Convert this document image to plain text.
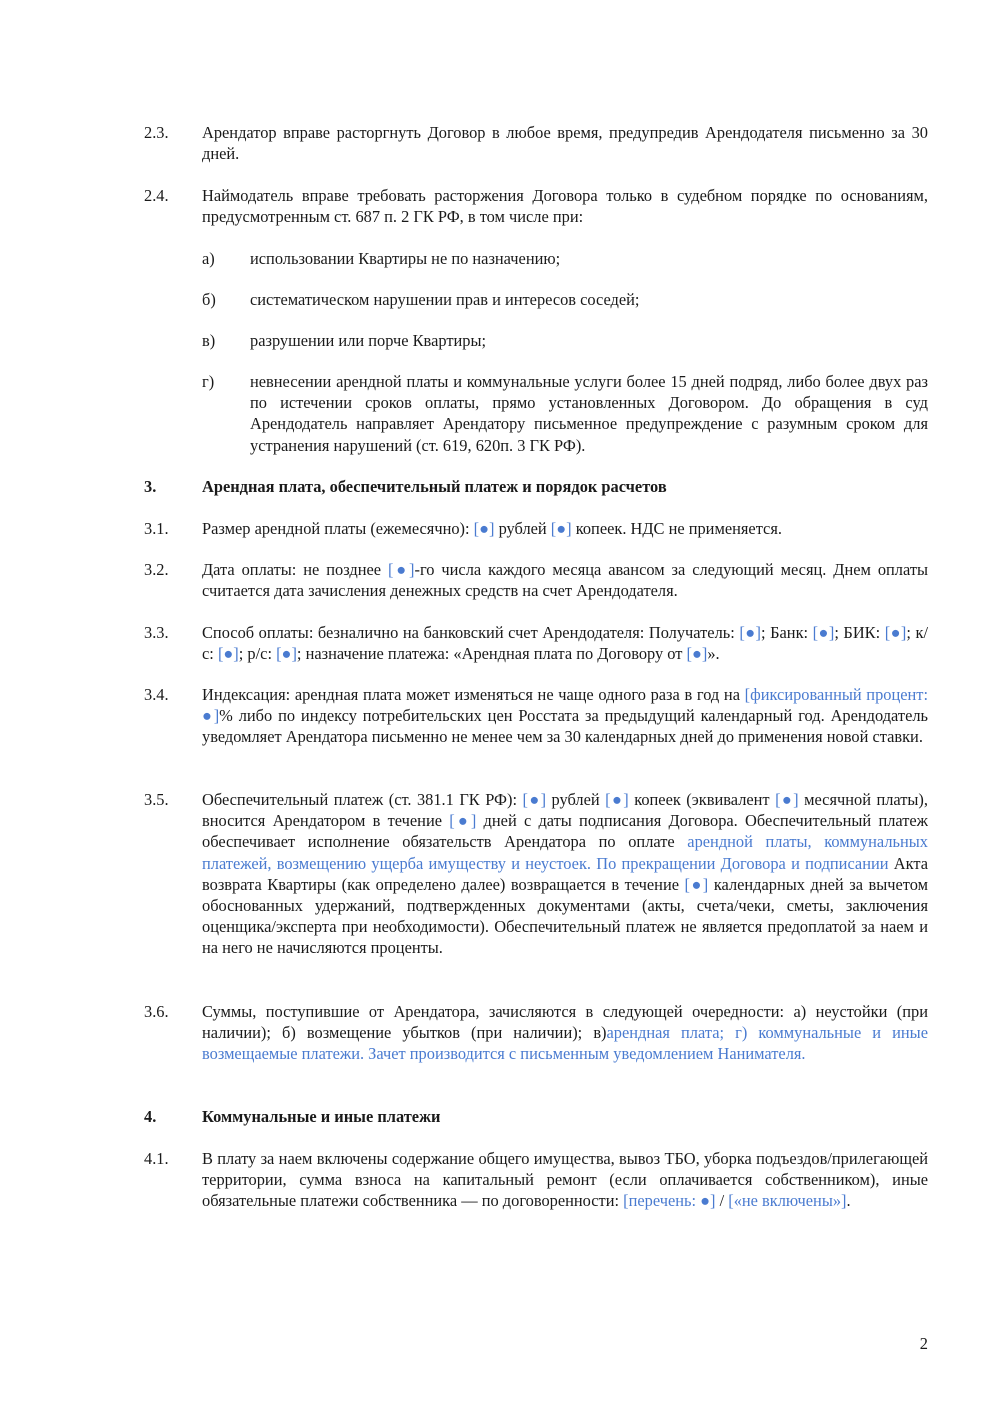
2.3. Арендатор вправе расторгнуть Договор в любое время, предупредив Арендодателя письменно за 30 дней.
2.4. Наймодатель вправе требовать расторжения Договора только в судебном порядке по основаниям, предусмотренным ст. 687 п. 2 ГК РФ, в том числе при:
а) использовании Квартиры не по назначению;
б) систематическом нарушении прав и интересов соседей;
в) разрушении или порче Квартиры;
г) невнесении арендной платы и коммунальные услуги более 15 дней подряд, либо более двух раз по истечении сроков оплаты, прямо установленных Договором. До обращения в суд Арендодатель направляет Арендатору письменное предупреждение с разумным сроком для устранения нарушений (ст. 619, 620п. 3 ГК РФ).
3.	Арендная плата, обеспечительный платеж и порядок расчетов
3.1. Размер арендной платы (ежемесячно): [●] рублей [●] копеек. НДС не применяется.
3.2. Дата оплаты: не позднее [●]-го числа каждого месяца авансом за следующий месяц. Днем оплаты считается дата зачисления денежных средств на счет Арендодателя.
3.3. Способ оплаты: безналично на банковский счет Арендодателя: Получатель: [●]; Банк: [●]; БИК: [●]; к/с: [●]; р/с: [●]; назначение платежа: «Арендная плата по Договору от [●]».
3.4. Индексация: арендная плата может изменяться не чаще одного раза в год на [фиксированный процент: ●]% либо по индексу потребительских цен Росстата за предыдущий календарный год. Арендодатель уведомляет Арендатора письменно не менее чем за 30 календарных дней до применения новой ставки.
3.5. Обеспечительный платеж (ст. 381.1 ГК РФ): [●] рублей [●] копеек (эквивалент [●] месячной платы), вносится Арендатором в течение [●] дней с даты подписания Договора. Обеспечительный платеж обеспечивает исполнение обязательств Арендатора по оплате арендной платы, коммунальных платежей, возмещению ущерба имуществу и неустоек. По прекращении Договора и подписании Акта возврата Квартиры (как определено далее) возвращается в течение [●] календарных дней за вычетом обоснованных удержаний, подтвержденных документами (акты, счета/чеки, сметы, заключения оценщика/эксперта при необходимости). Обеспечительный платеж не является предоплатой за наем и на него не начисляются проценты.
3.6. Суммы, поступившие от Арендатора, зачисляются в следующей очередности: а) неустойки (при наличии); б) возмещение убытков (при наличии); в)арендная плата; г) коммунальные и иные возмещаемые платежи. Зачет производится с письменным уведомлением Нанимателя.
4.	Коммунальные и иные платежи
4.1. В плату за наем включены содержание общего имущества, вывоз ТБО, уборка подъездов/прилегающей территории, сумма взноса на капитальный ремонт (если оплачивается собственником), иные обязательные платежи собственника — по договоренности: [перечень: ●] / [«не включены»].
2
